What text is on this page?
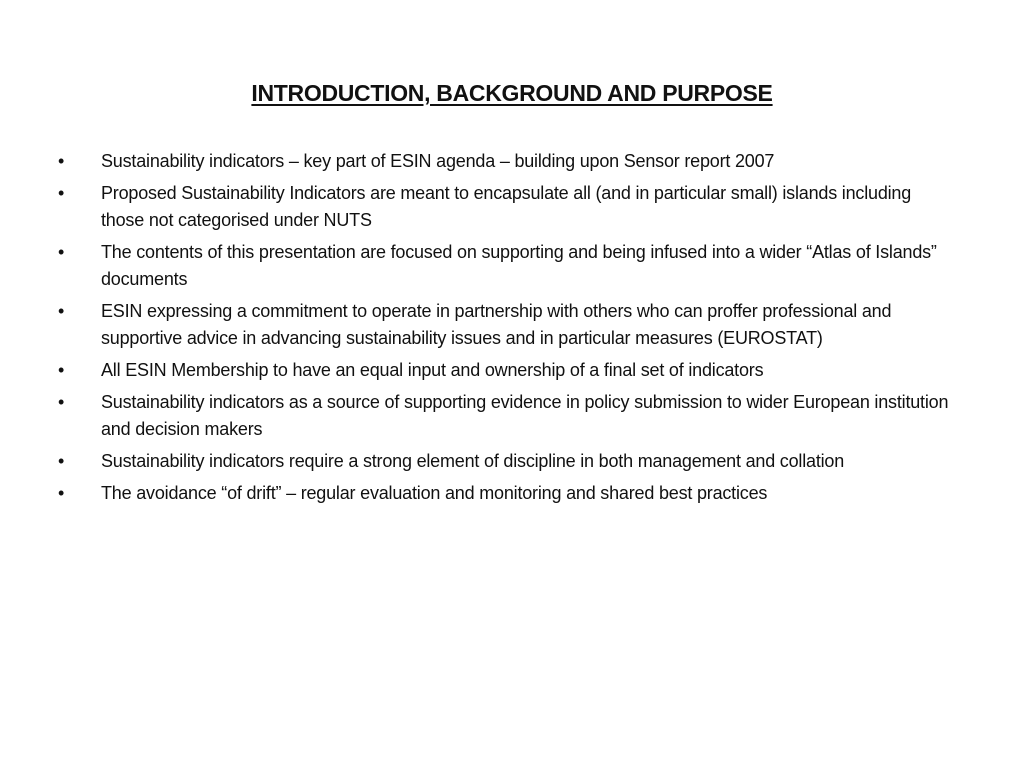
INTRODUCTION, BACKGROUND AND PURPOSE
•	Sustainability indicators – key part of ESIN agenda – building upon Sensor report 2007
•	Proposed Sustainability Indicators are meant to encapsulate all (and in particular small) islands including those not categorised under NUTS
•	The contents of this presentation are focused on supporting and being infused into a wider “Atlas of Islands” documents
•	ESIN expressing a commitment to operate in partnership with others who can proffer professional and supportive advice in advancing sustainability issues and in particular measures (EUROSTAT)
•	All ESIN Membership to have an equal input and ownership of a final set of indicators
•	Sustainability indicators as a source of supporting evidence in policy submission to wider European institution and decision makers
•	Sustainability indicators require a strong element of discipline in both management and collation
•	The avoidance “of drift” – regular evaluation and monitoring and shared best practices
